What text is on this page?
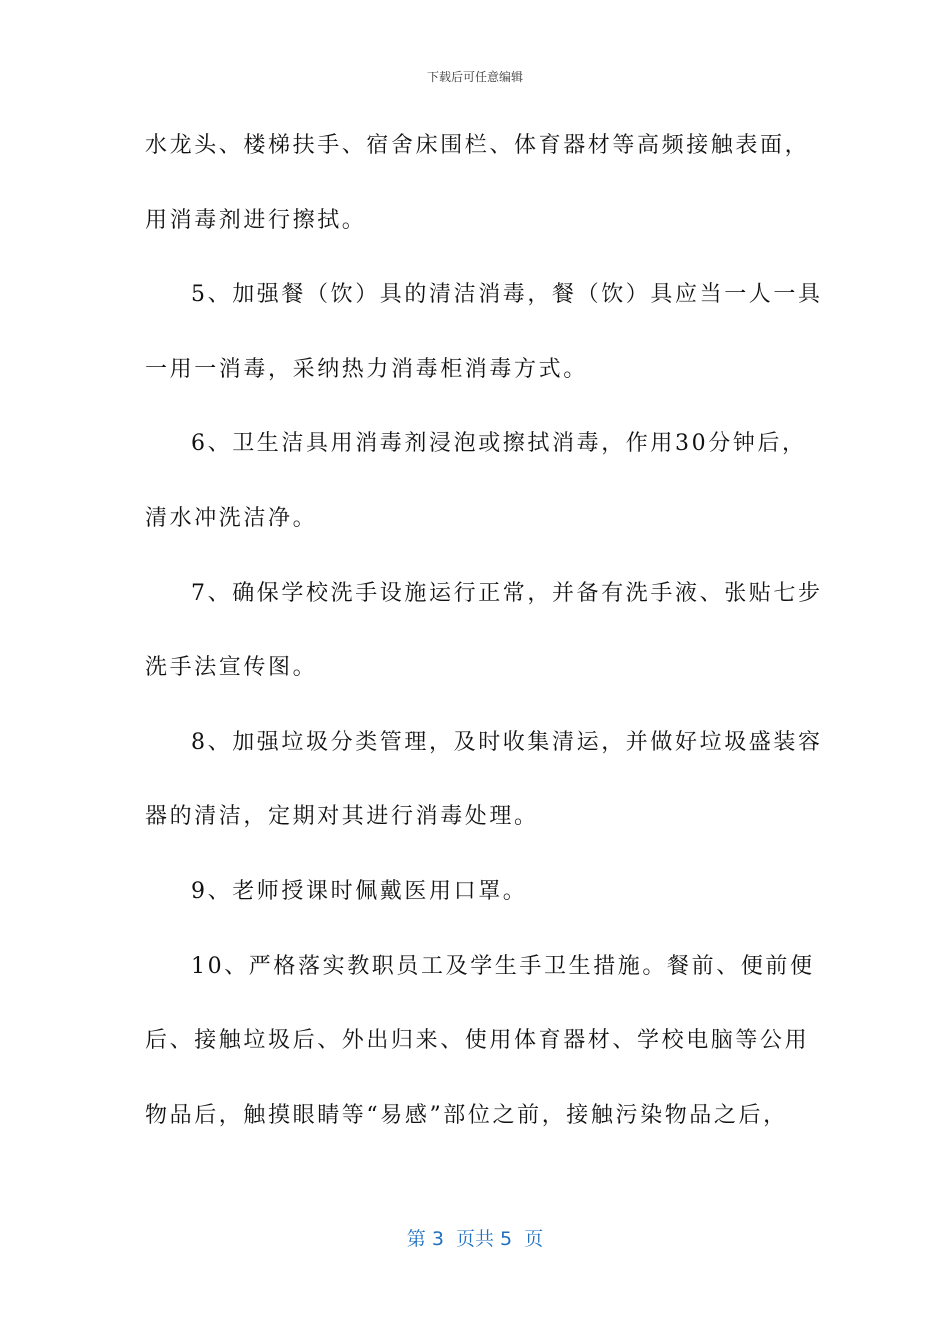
下载后可任意编辑
水龙头、楼梯扶手、宿舍床围栏、体育器材等高频接触表面，
用消毒剂进行擦拭。
5、加强餐（饮）具的清洁消毒，餐（饮）具应当一人一具
一用一消毒，采纳热力消毒柜消毒方式。
6、卫生洁具用消毒剂浸泡或擦拭消毒，作用30分钟后，
清水冲洗洁净。
7、确保学校洗手设施运行正常，并备有洗手液、张贴七步
洗手法宣传图。
8、加强垃圾分类管理，及时收集清运，并做好垃圾盛装容
器的清洁，定期对其进行消毒处理。
9、老师授课时佩戴医用口罩。
10、严格落实教职员工及学生手卫生措施。餐前、便前便
后、接触垃圾后、外出归来、使用体育器材、学校电脑等公用
物品后，触摸眼睛等“易感”部位之前，接触污染物品之后，
第 3  页共 5  页
